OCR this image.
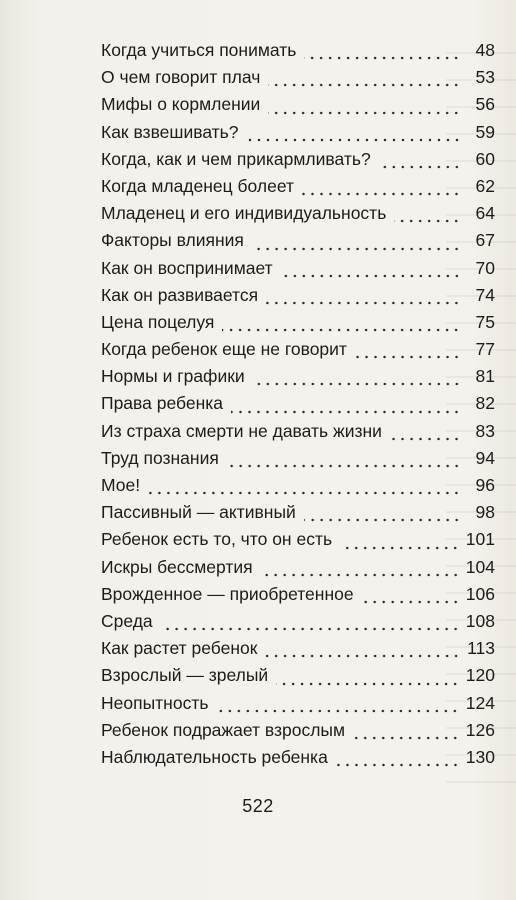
Когда учиться понимать	48
О чем говорит плач	53
Мифы о кормлении	56
Как взвешивать?	59
Когда, как и чем прикармливать?	60
Когда младенец болеет	62
Младенец и его индивидуальность	64
Факторы влияния	67
Как он воспринимает	70
Как он развивается	74
Цена поцелуя	75
Когда ребенок еще не говорит	77
Нормы и графики	81
Права ребенка	82
Из страха смерти не давать жизни	83
Труд познания	94
Мое!	96
Пассивный — активный	98
Ребенок есть то, что он есть	101
Искры бессмертия	104
Врожденное — приобретенное	106
Среда	108
Как растет ребенок	113
Взрослый — зрелый	120
Неопытность	124
Ребенок подражает взрослым	126
Наблюдательность ребенка	130
522
